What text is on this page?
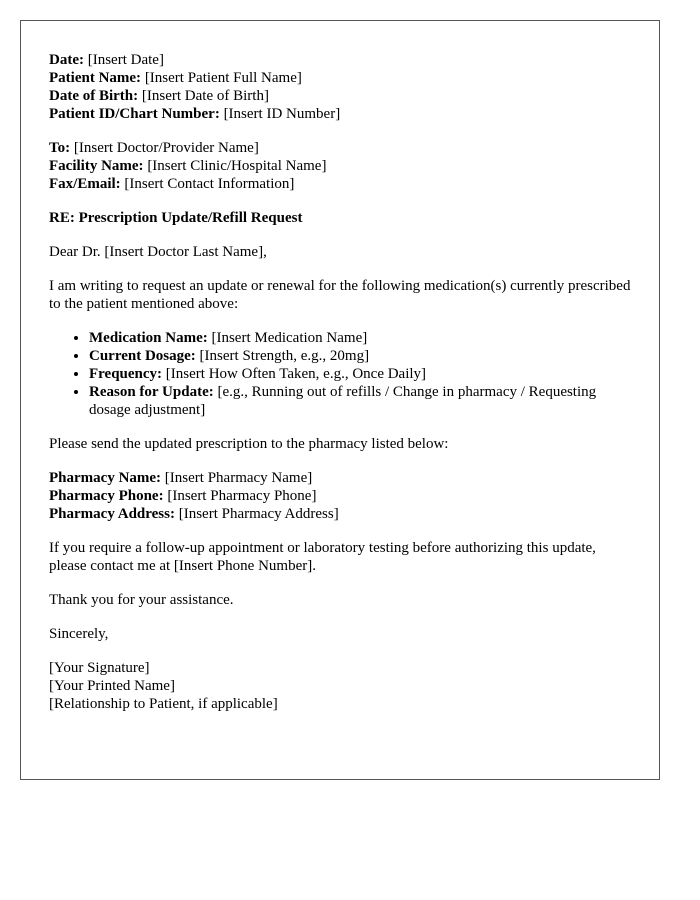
Date: [Insert Date]
Patient Name: [Insert Patient Full Name]
Date of Birth: [Insert Date of Birth]
Patient ID/Chart Number: [Insert ID Number]
To: [Insert Doctor/Provider Name]
Facility Name: [Insert Clinic/Hospital Name]
Fax/Email: [Insert Contact Information]

RE: Prescription Update/Refill Request

Dear Dr. [Insert Doctor Last Name],

I am writing to request an update or renewal for the following medication(s) currently prescribed to the patient mentioned above:

• Medication Name: [Insert Medication Name]
• Current Dosage: [Insert Strength, e.g., 20mg]
• Frequency: [Insert How Often Taken, e.g., Once Daily]
• Reason for Update: [e.g., Running out of refills / Change in pharmacy / Requesting dosage adjustment]

Please send the updated prescription to the pharmacy listed below:

Pharmacy Name: [Insert Pharmacy Name]
Pharmacy Phone: [Insert Pharmacy Phone]
Pharmacy Address: [Insert Pharmacy Address]

If you require a follow-up appointment or laboratory testing before authorizing this update, please contact me at [Insert Phone Number].

Thank you for your assistance.

Sincerely,

[Your Signature]
[Your Printed Name]
[Relationship to Patient, if applicable]
